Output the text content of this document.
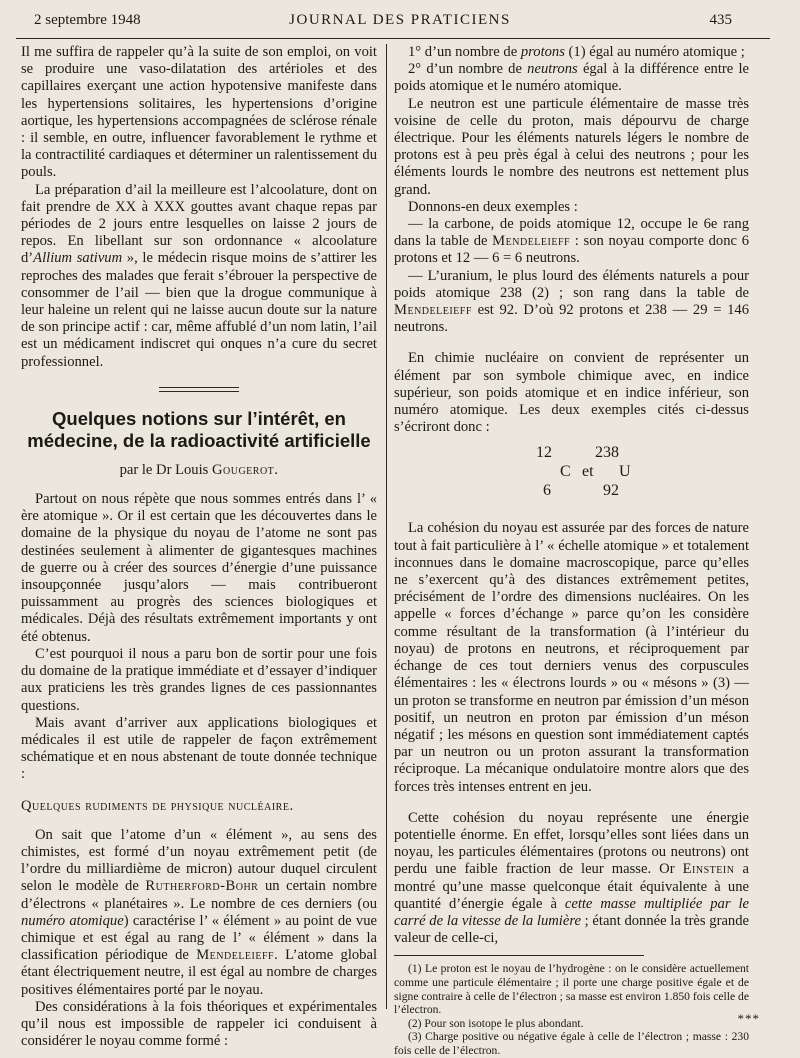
2 septembre 1948	JOURNAL DES PRATICIENS	435

Il me suffira de rappeler qu’à la suite de son emploi, on voit se produire une vaso-dilatation des artérioles et des capillaires exerçant une action hypotensive manifeste dans les hypertensions solitaires, les hypertensions d’origine aortique, les hypertensions accompagnées de sclérose rénale : il semble, en outre, influencer favorablement le rythme et la contractilité cardiaques et déterminer un ralentissement du pouls.

La préparation d’ail la meilleure est l’alcoolature, dont on fait prendre de XX à XXX gouttes avant chaque repas par périodes de 2 jours entre lesquelles on laisse 2 jours de repos. En libellant sur son ordonnance « alcoolature d’Allium sativum », le médecin risque moins de s’attirer les reproches des malades que ferait s’ébrouer la perspective de consommer de l’ail — bien que la drogue communique à leur haleine un relent qui ne laisse aucun doute sur la nature de son principe actif : car, même affublé d’un nom latin, l’ail est un médicament indiscret qui onques n’a cure du secret professionnel.

Quelques notions sur l’intérêt, en médecine, de la radioactivité artificielle

par le Dr Louis Gougerot.

Partout on nous répète que nous sommes entrés dans l’ « ère atomique ». Or il est certain que les découvertes dans le domaine de la physique du noyau de l’atome ne sont pas destinées seulement à alimenter de gigantesques machines de guerre ou à créer des sources d’énergie d’une puissance insoupçonnée jusqu’alors — mais contribueront puissamment au progrès des sciences biologiques et médicales. Déjà des résultats extrêmement importants y ont été obtenus.

C’est pourquoi il nous a paru bon de sortir pour une fois du domaine de la pratique immédiate et d’essayer d’indiquer aux praticiens les très grandes lignes de ces passionnantes questions.

Mais avant d’arriver aux applications biologiques et médicales il est utile de rappeler de façon extrêmement schématique et en nous abstenant de toute donnée technique :

Quelques rudiments de physique nucléaire.

On sait que l’atome d’un « élément », au sens des chimistes, est formé d’un noyau extrêmement petit (de l’ordre du milliardième de micron) autour duquel circulent selon le modèle de Rutherford-Bohr un certain nombre d’électrons « planétaires ». Le nombre de ces derniers (ou numéro atomique) caractérise l’ « élément » au point de vue chimique et est égal au rang de l’ « élément » dans la classification périodique de Mendeleieff. L’atome global étant électriquement neutre, il est égal au nombre de charges positives élémentaires porté par le noyau.

Des considérations à la fois théoriques et expérimentales qu’il nous est impossible de rappeler ici conduisent à considérer le noyau comme formé :

1° d’un nombre de protons (1) égal au numéro atomique ;

2° d’un nombre de neutrons égal à la différence entre le poids atomique et le numéro atomique.

Le neutron est une particule élémentaire de masse très voisine de celle du proton, mais dépourvu de charge électrique. Pour les éléments naturels légers le nombre de protons est à peu près égal à celui des neutrons ; pour les éléments lourds le nombre des neutrons est nettement plus grand.

Donnons-en deux exemples :

— la carbone, de poids atomique 12, occupe le 6e rang dans la table de Mendeleieff : son noyau comporte donc 6 protons et 12 — 6 = 6 neutrons.

— L’uranium, le plus lourd des éléments naturels a pour poids atomique 238 (2) ; son rang dans la table de Mendeleieff est 92. D’où 92 protons et 238 — 29 = 146 neutrons.

En chimie nucléaire on convient de représenter un élément par son symbole chimique avec, en indice supérieur, son poids atomique et en indice inférieur, son numéro atomique. Les deux exemples cités ci-dessus s’écriront donc :

12
C
6
et
238
U
92

La cohésion du noyau est assurée par des forces de nature tout à fait particulière à l’ « échelle atomique » et totalement inconnues dans le domaine macroscopique, parce qu’elles ne s’exercent qu’à des distances extrêmement petites, précisément de l’ordre des dimensions nucléaires. On les appelle « forces d’échange » parce qu’on les considère comme résultant de la transformation (à l’intérieur du noyau) de protons en neutrons, et réciproquement par échange de ces tout derniers venus des corpuscules élémentaires : les « électrons lourds » ou « mésons » (3) — un proton se transforme en neutron par émission d’un méson positif, un neutron en proton par émission d’un méson négatif ; les mésons en question sont immédiatement captés par un neutron ou un proton assurant la transformation réciproque. La mécanique ondulatoire montre alors que des forces très intenses entrent en jeu.

Cette cohésion du noyau représente une énergie potentielle énorme. En effet, lorsqu’elles sont liées dans un noyau, les particules élémentaires (protons ou neutrons) ont perdu une faible fraction de leur masse. Or Einstein a montré qu’une masse quelconque était équivalente à une quantité d’énergie égale à cette masse multipliée par le carré de la vitesse de la lumière ; étant donnée la très grande valeur de celle-ci,

(1) Le proton est le noyau de l’hydrogène : on le considère actuellement comme une particule élémentaire ; il porte une charge positive égale et de signe contraire à celle de l’électron ; sa masse est environ 1.850 fois celle de l’électron.

(2) Pour son isotope le plus abondant.

(3) Charge positive ou négative égale à celle de l’électron ; masse : 230 fois celle de l’électron.

***
